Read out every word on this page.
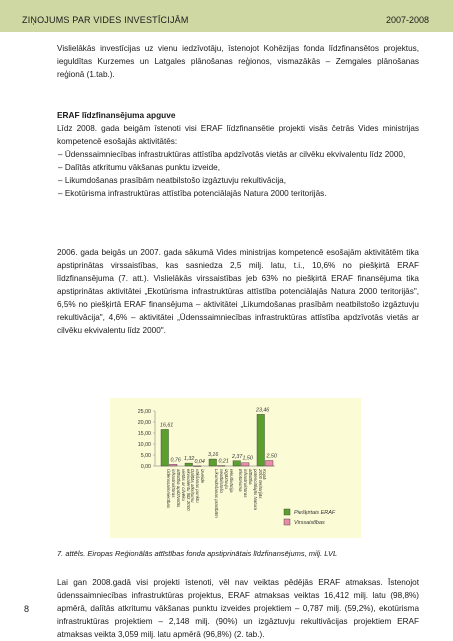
ZIŅOJUMS PAR VIDES INVESTĪCIJĀM	2007-2008
Vislielākās investīcijas uz vienu iedzīvotāju, īstenojot Kohēzijas fonda līdzfinansētos projektus, ieguldītas Kurzemes un Latgales plānošanas reģionos, vismazākās – Zemgales plānošanas reģionā (1.tab.).
ERAF līdzfinansējuma apguve
Līdz 2008. gada beigām īstenoti visi ERAF līdzfinansētie projekti visās četrās Vides ministrijas kompetencē esošajās aktivitātēs:
– Ūdenssaimniecības infrastruktūras attīstība apdzīvotās vietās ar cilvēku ekvivalentu līdz 2000,
– Dalītās atkritumu vākšanas punktu izveide,
– Likumdošanas prasībām neatbilstošo izgāztuvju rekultivācija,
– Ekotūrisma infrastruktūras attīstība potenciālajās Natura 2000 teritorijās.
2006. gada beigās un 2007. gada sākumā Vides ministrijas kompetencē esošajām aktivitātēm tika apstiprinātas virssaistības, kas sasniedza 2,5 milj. latu, t.i., 10,6% no piešķirtā ERAF līdzfinansējuma (7. att.). Vislielākās virssaistības jeb 63% no piešķirtā ERAF finansējuma tika apstiprinātas aktivitātei „Ekotūrisma infrastruktūras attīstība potenciālajās Natura 2000 teritorijās", 6,5% no piešķirtā ERAF finansējuma – aktivitātei „Likumdošanas prasībām neatbilstošo izgāztuvju rekultivācija", 4,6% – aktivitātei „Ūdenssaimniecības infrastruktūras attīstība apdzīvotās vietās ar cilvēku ekvivalentu līdz 2000".
0,00
5,00
10,00
15,00
20,00
25,00
16,61
0,76
Ūdenssaimniecībasinfrastruktūrasattīstība apdzīvotāsvietās ar cilvēkuekvivalentu līdz 2000
1,32 0,04
Dalītās atkritumuvākšanas punktuizveide
3,16
0,21
Likumdošanas prasībāmneatbilstošoizgāztuvjurekultivācija
2,37 1,50
Ekotūrismainfrastruktūrasattīstībapotenciālajās Natura2000 teritorijās
23,46
2,50
Kopā
Piešķirtais ERAF
Virssaistības
7. attēls. Eiropas Reģionālās attīstības fonda apstiprinātais līdzfinansējums, milj. LVL
Lai gan 2008.gadā visi projekti īstenoti, vēl nav veiktas pēdējās ERAF atmaksas. Īstenojot ūdenssaimniecības infrastruktūras projektus, ERAF atmaksas veiktas 16,412 milj. latu (98,8%) apmērā, dalītās atkritumu vākšanas punktu izveides projektiem – 0,787 milj. (59,2%), ekotūrisma infrastruktūras projektiem – 2,148 milj. (90%) un izgāztuvju rekultivācijas projektiem ERAF atmaksas veikta 3,059 milj. latu apmērā (96,8%) (2. tab.).
8
